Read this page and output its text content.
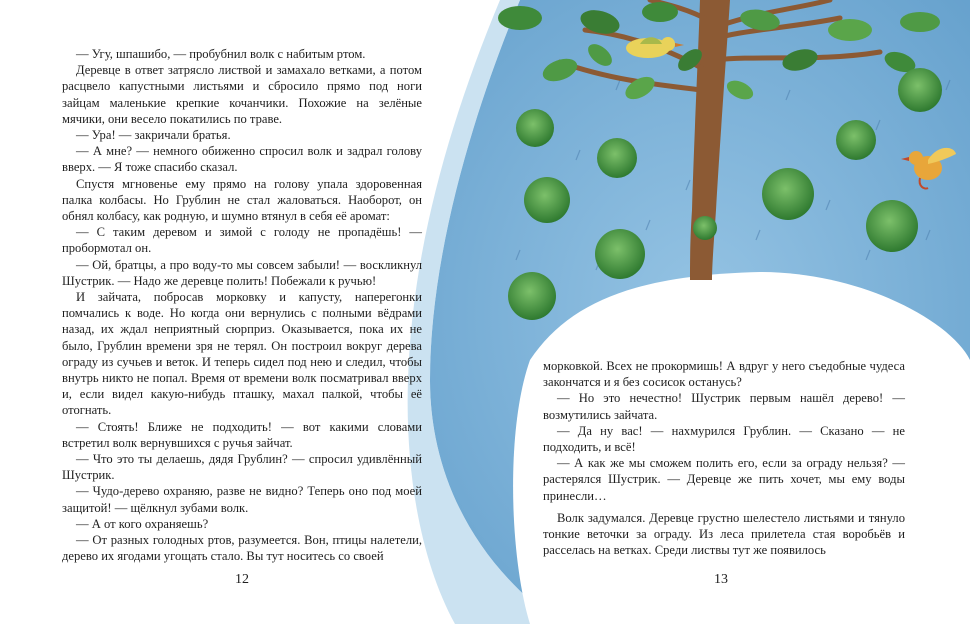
— Угу, шпашибо, — пробубнил волк с набитым ртом.

Деревце в ответ затрясло листвой и замахало ветками, а потом расцвело капустными листьями и сбросило прямо под ноги зайцам маленькие крепкие кочанчики. Похожие на зелёные мячики, они весело покатились по траве.

— Ура! — закричали братья.

— А мне? — немного обиженно спросил волк и задрал голову вверх. — Я тоже спасибо сказал.

Спустя мгновенье ему прямо на голову упала здоровенная палка колбасы. Но Грублин не стал жаловаться. Наоборот, он обнял колбасу, как родную, и шумно втянул в себя её аромат:

— С таким деревом и зимой с голоду не пропадёшь! — пробормотал он.

— Ой, братцы, а про воду-то мы совсем забыли! — воскликнул Шустрик. — Надо же деревце полить! Побежали к ручью!

И зайчата, побросав морковку и капусту, наперегонки помчались к воде. Но когда они вернулись с полными вёдрами назад, их ждал неприятный сюрприз. Оказывается, пока их не было, Грублин времени зря не терял. Он построил вокруг дерева ограду из сучьев и веток. И теперь сидел под нею и следил, чтобы внутрь никто не попал. Время от времени волк посматривал вверх и, если видел какую-нибудь пташку, махал палкой, чтобы её отогнать.

— Стоять! Ближе не подходить! — вот какими словами встретил волк вернувшихся с ручья зайчат.

— Что это ты делаешь, дядя Грублин? — спросил удивлённый Шустрик.

— Чудо-дерево охраняю, разве не видно? Теперь оно под моей защитой! — щёлкнул зубами волк.

— А от кого охраняешь?

— От разных голодных ртов, разумеется. Вон, птицы налетели, дерево их ягодами угощать стало. Вы тут носитесь со своей

12

морковкой. Всех не прокормишь! А вдруг у него съедобные чудеса закончатся и я без сосисок останусь?

— Но это нечестно! Шустрик первым нашёл дерево! — возмутились зайчата.

— Да ну вас! — нахмурился Грублин. — Сказано — не подходить, и всё!

— А как же мы сможем полить его, если за ограду нельзя? — растерялся Шустрик. — Деревце же пить хочет, мы ему воды принесли…

Волк задумался. Деревце грустно шелестело листьями и тянуло тонкие веточки за ограду. Из леса прилетела стая воробьёв и расселась на ветках. Среди листвы тут же появилось

13
